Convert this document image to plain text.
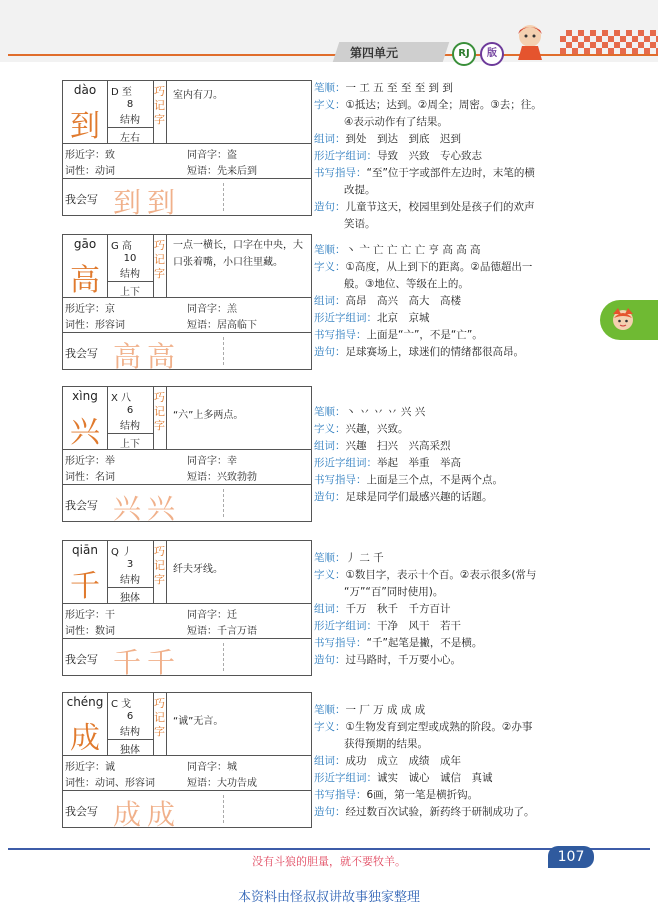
第四单元	RJ	版
dào
到
D 至
8
结构
左右
巧
记
字
室内有刀。
形近字：致	同音字：盗
词性：动词	短语：先来后到
我会写 到到
笔顺：一 工 五 至 至 至 到 到
字义：①抵达；达到。②周全；周密。③去；往。
④表示动作有了结果。
组词：到处　到达　到底　迟到
形近字组词：导致　兴致　专心致志
书写指导：“至”位于字或部件左边时，末笔的横
改提。
造句：儿童节这天，校园里到处是孩子们的欢声
笑语。
gāo
高
G 高
10
结构
上下
巧
记
字
一点一横长，口字在中央，大口张着嘴，小口往里藏。
形近字：京	同音字：羔
词性：形容词	短语：居高临下
我会写 高高
笔顺：丶 亠 亡 亡 亡 亡 亨 高 高 高
字义：①高度，从上到下的距离。②品德超出一
般。③地位、等级在上的。
组词：高昂　高兴　高大　高楼
形近字组词：北京　京城
书写指导：上面是“亠”，不是“亡”。
造句：足球赛场上，球迷们的情绪都很高昂。
xìng
兴
X 八
6
结构
上下
巧
记
字
“六”上多两点。
形近字：举	同音字：幸
词性：名词	短语：兴致勃勃
我会写 兴兴
笔顺：丶 丷 丷 丷 兴 兴
字义：兴趣，兴致。
组词：兴趣　扫兴　兴高采烈
形近字组词：举起　举重　举高
书写指导：上面是三个点，不是两个点。
造句：足球是同学们最感兴趣的话题。
qiān
千
Q 丿
3
结构
独体
巧
记
字
纤夫牙线。
形近字：干	同音字：迁
词性：数词	短语：千言万语
我会写 千千
笔顺：丿 二 千
字义：①数目字，表示十个百。②表示很多(常与
“万”“百”同时使用)。
组词：千万　秋千　千方百计
形近字组词：干净　风干　若干
书写指导：“千”起笔是撇，不是横。
造句：过马路时，千万要小心。
chéng
成
C 戈
6
结构
独体
巧
记
字
“诚”无言。
形近字：诚	同音字：城
词性：动词、形容词	短语：大功告成
我会写 成成
笔顺：一 厂 万 成 成 成
字义：①生物发育到定型或成熟的阶段。②办事
获得预期的结果。
组词：成功　成立　成绩　成年
形近字组词：诚实　诚心　诚信　真诚
书写指导：6画，第一笔是横折钩。
造句：经过数百次试验，新药终于研制成功了。
没有斗狼的胆量，就不要牧羊。	107
本资料由怪叔叔讲故事独家整理
